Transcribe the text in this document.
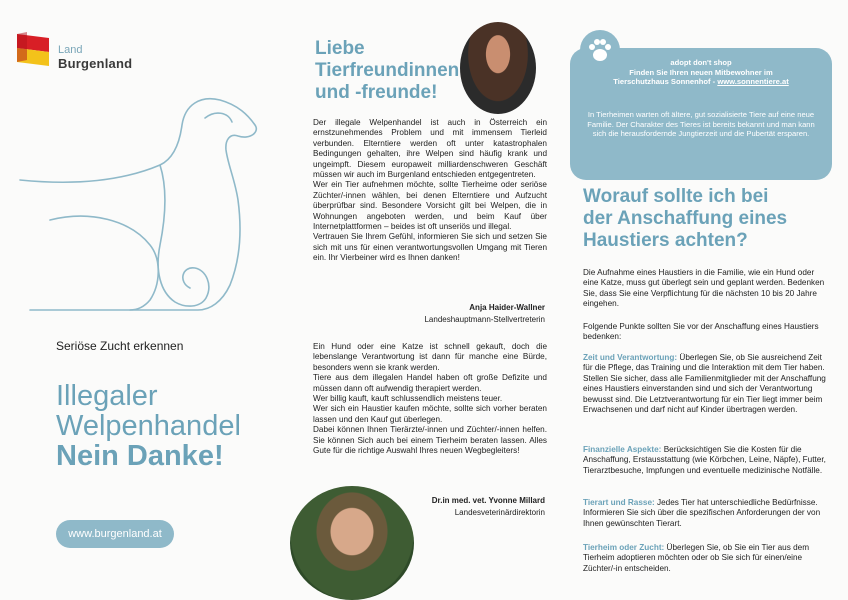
Land
Burgenland
Seriöse Zucht erkennen
Illegaler
Welpenhandel
Nein Danke!
www.burgenland.at
Liebe
Tierfreundinnen
und -freunde!

Der illegale Welpenhandel ist auch in Österreich ein ernstzunehmendes Problem und mit immensem Tierleid verbunden. Elterntiere werden oft unter katastrophalen Bedingungen gehalten, ihre Welpen sind häufig krank und ungeimpft. Diesem europaweit milliardenschweren Geschäft müssen wir auch im Burgenland entschieden entgegentreten.

Wer ein Tier aufnehmen möchte, sollte Tierheime oder seriöse Züchter/-innen wählen, bei denen Elterntiere und Aufzucht überprüfbar sind. Besondere Vorsicht gilt bei Welpen, die in Wohnungen angeboten werden, und beim Kauf über Internetplattformen – beides ist oft unseriös und illegal.

Vertrauen Sie Ihrem Gefühl, informieren Sie sich und setzen Sie sich mit uns für einen verantwortungsvollen Umgang mit Tieren ein. Ihr Vierbeiner wird es Ihnen danken!

Anja Haider-Wallner
Landeshauptmann-Stellvertreterin

Ein Hund oder eine Katze ist schnell gekauft, doch die lebenslange Verantwortung ist dann für manche eine Bürde, besonders wenn sie krank werden.

Tiere aus dem illegalen Handel haben oft große Defizite und müssen dann oft aufwendig therapiert werden.

Wer billig kauft, kauft schlussendlich meistens teuer.

Wer sich ein Haustier kaufen möchte, sollte sich vorher beraten lassen und den Kauf gut überlegen.

Dabei können Ihnen Tierärzte/-innen und Züchter/-innen helfen. Sie können Sich auch bei einem Tierheim beraten lassen. Alles Gute für die richtige Auswahl Ihres neuen Wegbegleiters!

Dr.in med. vet. Yvonne Millard
Landesveterinärdirektorin
adopt don't shop
Finden Sie Ihren neuen Mitbewohner im
Tierschutzhaus Sonnenhof - www.sonnentiere.at
In Tierheimen warten oft ältere, gut sozialisierte Tiere auf eine neue Familie. Der Charakter des Tieres ist bereits bekannt und man kann sich die herausfordernde Jungtierzeit und die Pubertät ersparen.
Worauf sollte ich bei
der Anschaffung eines
Haustiers achten?
Die Aufnahme eines Haustiers in die Familie, wie ein Hund oder eine Katze, muss gut überlegt sein und geplant werden. Bedenken Sie, dass Sie eine Verpflichtung für die nächsten 10 bis 20 Jahre eingehen.
Folgende Punkte sollten Sie vor der Anschaffung eines Haustiers bedenken:
Zeit und Verantwortung: Überlegen Sie, ob Sie ausreichend Zeit für die Pflege, das Training und die Interaktion mit dem Tier haben. Stellen Sie sicher, dass alle Familienmitglieder mit der Anschaffung eines Haustiers einverstanden sind und sich der Verantwortung bewusst sind. Die Letztverantwortung für ein Tier liegt immer beim Erwachsenen und darf nicht auf Kinder übertragen werden.
Finanzielle Aspekte: Berücksichtigen Sie die Kosten für die Anschaffung, Erstausstattung (wie Körbchen, Leine, Näpfe), Futter, Tierarztbesuche, Impfungen und eventuelle medizinische Notfälle.
Tierart und Rasse: Jedes Tier hat unterschiedliche Bedürfnisse. Informieren Sie sich über die spezifischen Anforderungen der von Ihnen gewünschten Tierart.
Tierheim oder Zucht: Überlegen Sie, ob Sie ein Tier aus dem Tierheim adoptieren möchten oder ob Sie sich für einen/eine Züchter/-in entscheiden.
